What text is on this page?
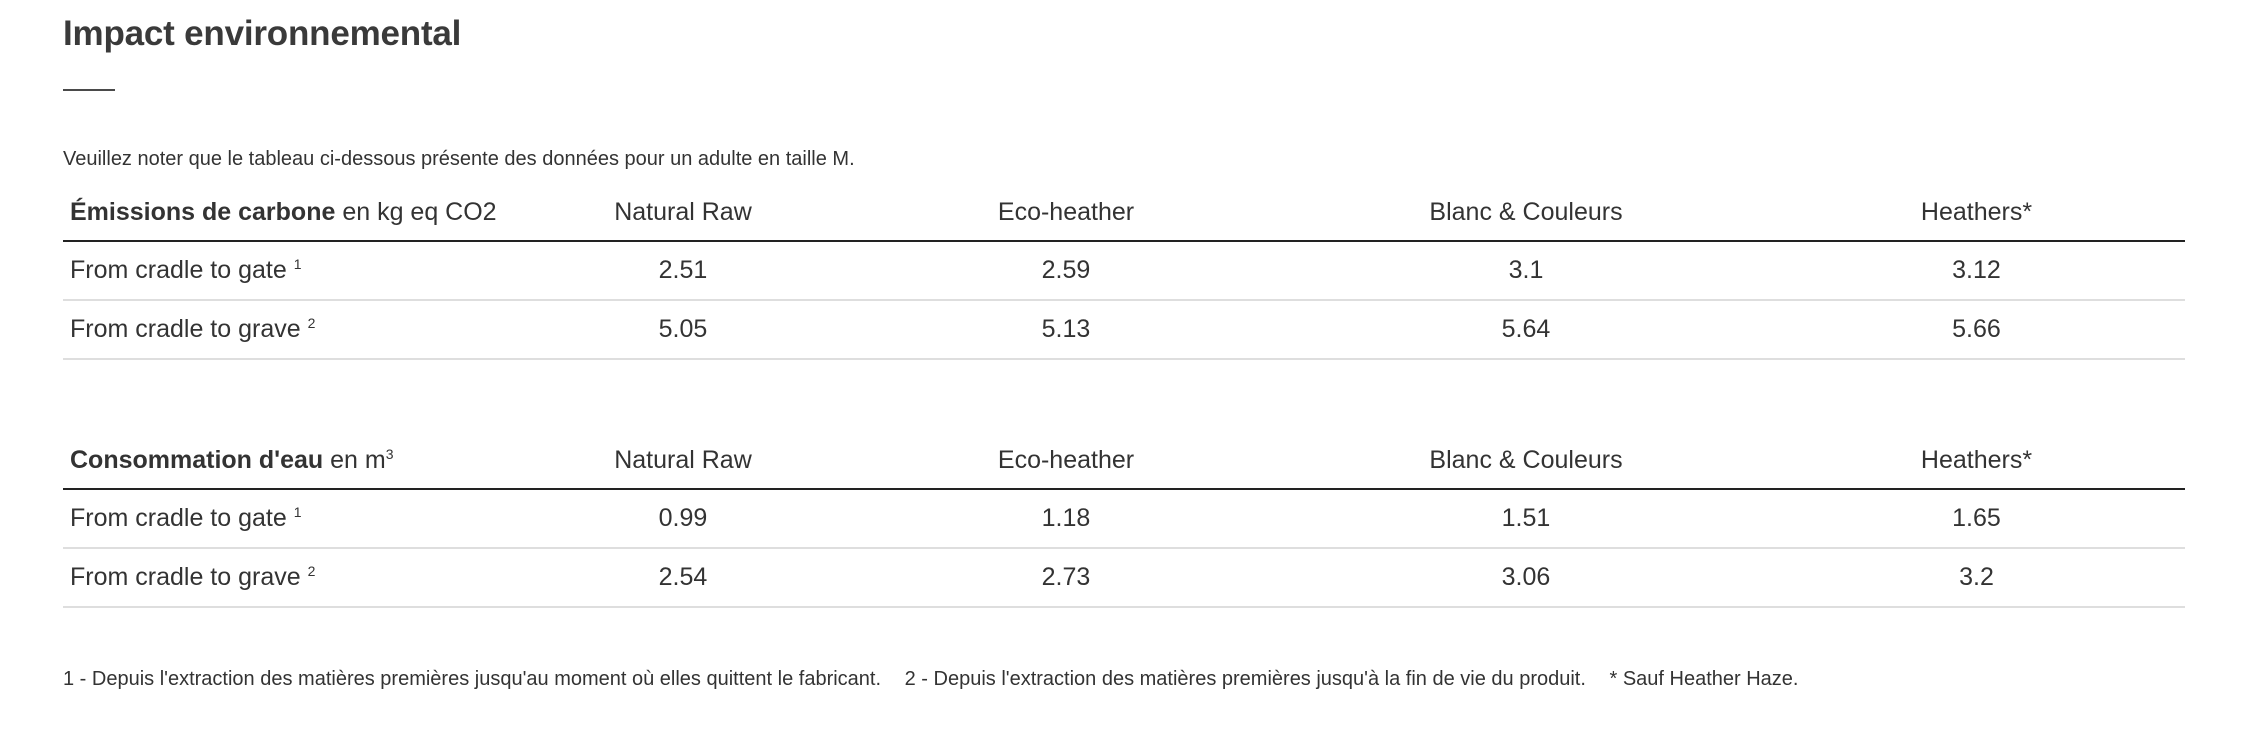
Impact environnemental

Veuillez noter que le tableau ci-dessous présente des données pour un adulte en taille M.

Émissions de carbone en kg eq CO2	Natural Raw	Eco-heather	Blanc & Couleurs	Heathers*
From cradle to gate $^1$	2.51	2.59	3.1	3.12
From cradle to grave $^2$	5.05	5.13	5.64	5.66
Consommation d'eau en $m^3$	Natural Raw	Eco-heather	Blanc & Couleurs	Heathers*
From cradle to gate $^1$	0.99	1.18	1.51	1.65
From cradle to grave $^2$	2.54	2.73	3.06	3.2

1 - Depuis l'extraction des matières premières jusqu'au moment où elles quittent le fabricant. 2 - Depuis l'extraction des matières premières jusqu'à la fin de vie du produit. * Sauf Heather Haze.
